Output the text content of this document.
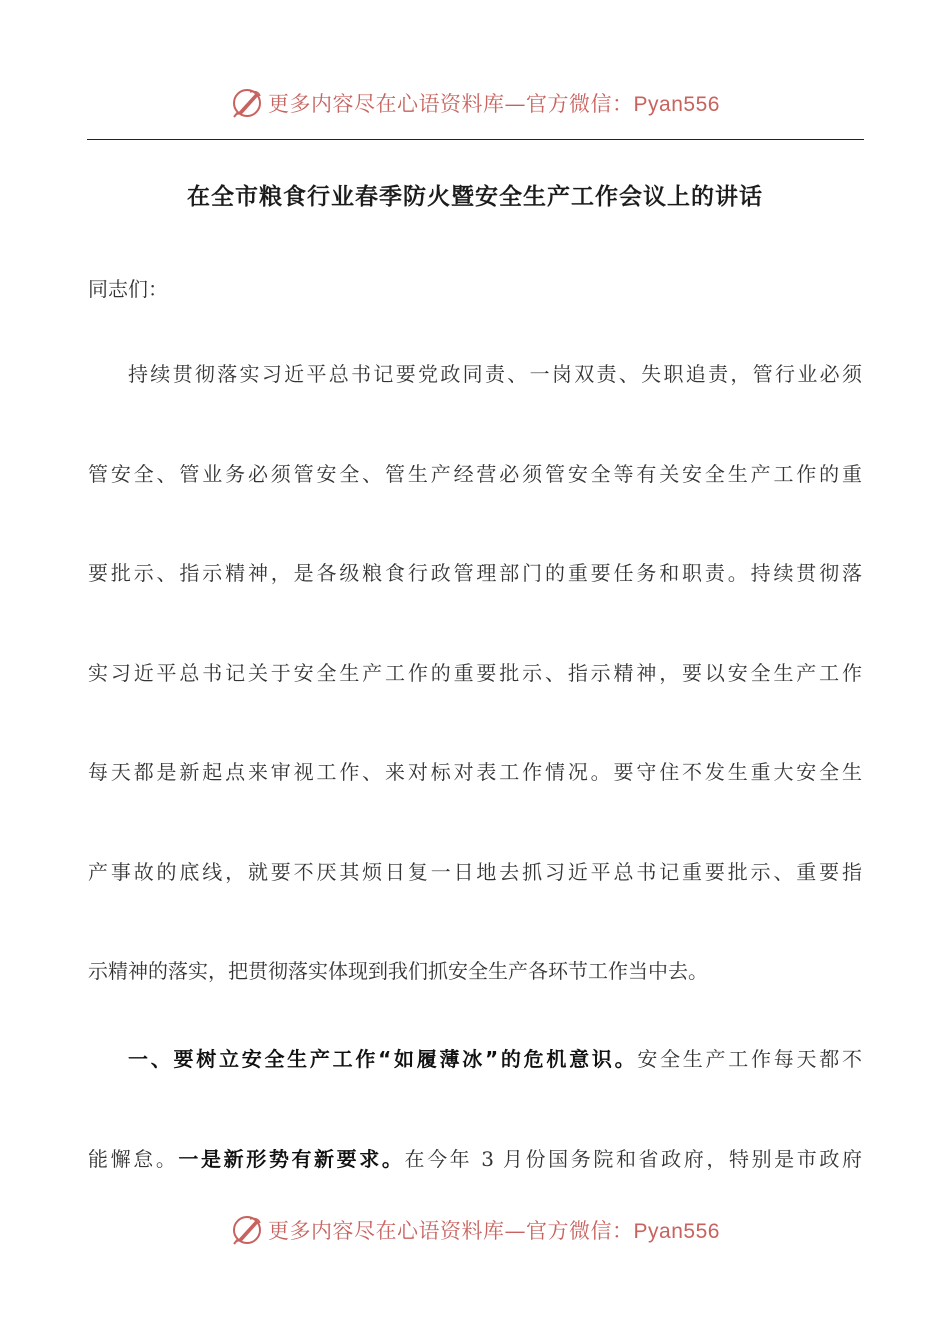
更多内容尽在心语资料库—官方微信：Pyan556
在全市粮食行业春季防火暨安全生产工作会议上的讲话
同志们：
持续贯彻落实习近平总书记要党政同责、一岗双责、失职追责，管行业必须
管安全、管业务必须管安全、管生产经营必须管安全等有关安全生产工作的重
要批示、指示精神，是各级粮食行政管理部门的重要任务和职责。持续贯彻落
实习近平总书记关于安全生产工作的重要批示、指示精神，要以安全生产工作
每天都是新起点来审视工作、来对标对表工作情况。要守住不发生重大安全生
产事故的底线，就要不厌其烦日复一日地去抓习近平总书记重要批示、重要指
示精神的落实，把贯彻落实体现到我们抓安全生产各环节工作当中去。
一、要树立安全生产工作“如履薄冰”的危机意识。安全生产工作每天都不
能懈怠。一是新形势有新要求。在今年 3 月份国务院和省政府，特别是市政府
更多内容尽在心语资料库—官方微信：Pyan556
